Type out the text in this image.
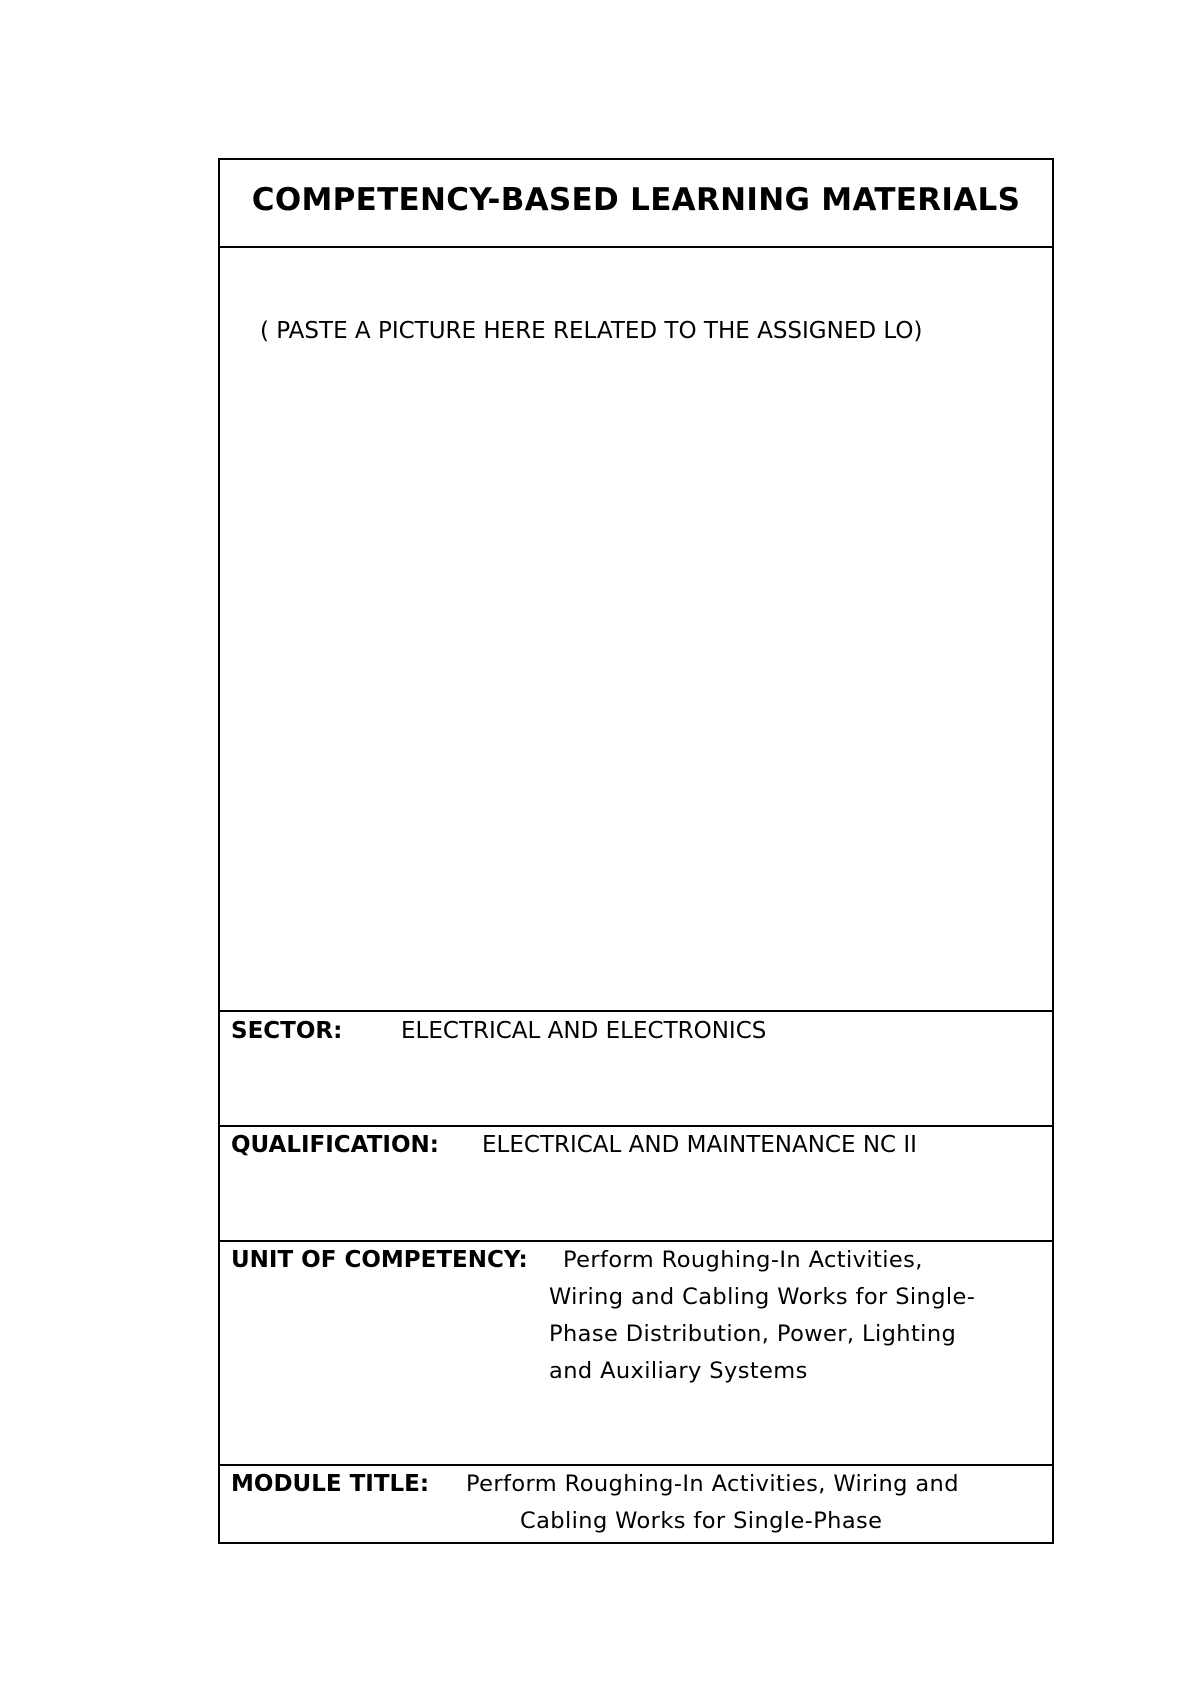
COMPETENCY-BASED LEARNING MATERIALS
( PASTE A PICTURE HERE RELATED TO THE ASSIGNED LO)
SECTOR:	ELECTRICAL AND ELECTRONICS
QUALIFICATION: ELECTRICAL AND MAINTENANCE NC II
UNIT OF COMPETENCY: Perform Roughing-In Activities,
Wiring and Cabling Works for Single-
Phase Distribution, Power, Lighting
and Auxiliary Systems
MODULE TITLE: Perform Roughing-In Activities, Wiring and
Cabling Works for Single-Phase
